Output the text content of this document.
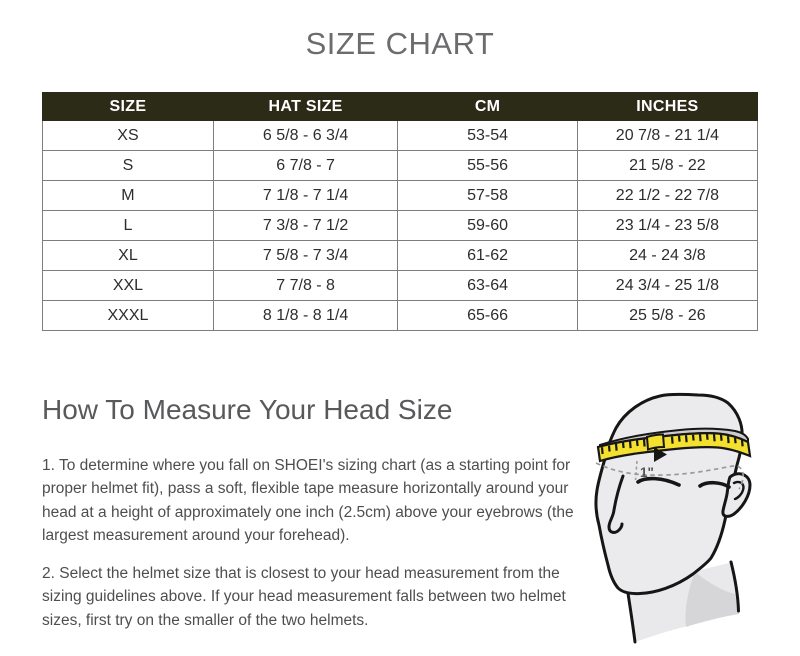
SIZE CHART
SIZE	HAT SIZE	CM	INCHES
XS	6 5/8 - 6 3/4	53-54	20 7/8 - 21 1/4
S	6 7/8 - 7	55-56	21 5/8 - 22
M	7 1/8 - 7 1/4	57-58	22 1/2 - 22 7/8
L	7 3/8 - 7 1/2	59-60	23 1/4 - 23 5/8
XL	7 5/8 - 7 3/4	61-62	24 - 24 3/8
XXL	7 7/8 - 8	63-64	24 3/4 - 25 1/8
XXXL	8 1/8 - 8 1/4	65-66	25 5/8 - 26
How To Measure Your Head Size
1. To determine where you fall on SHOEI's sizing chart (as a starting point for proper helmet fit), pass a soft, flexible tape measure horizontally around your head at a height of approximately one inch (2.5cm) above your eyebrows (the largest measurement around your forehead).
2. Select the helmet size that is closest to your head measurement from the sizing guidelines above. If your head measurement falls between two helmet sizes, first try on the smaller of the two helmets.
1"
